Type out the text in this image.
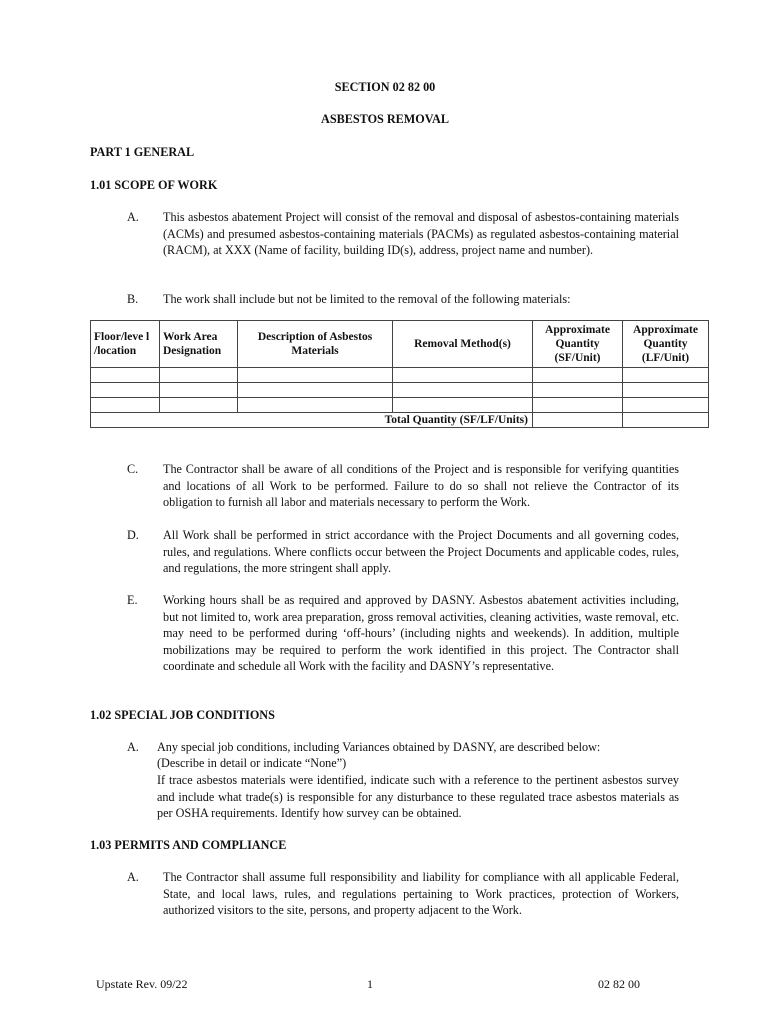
SECTION 02 82 00
ASBESTOS REMOVAL
PART 1 GENERAL
1.01 SCOPE OF WORK
A.	This asbestos abatement Project will consist of the removal and disposal of asbestos-containing materials (ACMs) and presumed asbestos-containing materials (PACMs) as regulated asbestos-containing material (RACM), at XXX (Name of facility, building ID(s), address, project name and number).
B.	The work shall include but not be limited to the removal of the following materials:
Floor/leve l /location	Work Area Designation	Description of Asbestos Materials	Removal Method(s)	Approximate Quantity (SF/Unit)	Approximate Quantity (LF/Unit)

Total Quantity (SF/LF/Units)					
C.	The Contractor shall be aware of all conditions of the Project and is responsible for verifying quantities and locations of all Work to be performed. Failure to do so shall not relieve the Contractor of its obligation to furnish all labor and materials necessary to perform the Work.
D.	All Work shall be performed in strict accordance with the Project Documents and all governing codes, rules, and regulations. Where conflicts occur between the Project Documents and applicable codes, rules, and regulations, the more stringent shall apply.
E.	Working hours shall be as required and approved by DASNY. Asbestos abatement activities including, but not limited to, work area preparation, gross removal activities, cleaning activities, waste removal, etc. may need to be performed during ‘off-hours’ (including nights and weekends). In addition, multiple mobilizations may be required to perform the work identified in this project. The Contractor shall coordinate and schedule all Work with the facility and DASNY’s representative.
1.02 SPECIAL JOB CONDITIONS
A.	Any special job conditions, including Variances obtained by DASNY, are described below:
(Describe in detail or indicate “None”)
If trace asbestos materials were identified, indicate such with a reference to the pertinent asbestos survey and include what trade(s) is responsible for any disturbance to these regulated trace asbestos materials as per OSHA requirements. Identify how survey can be obtained.
1.03 PERMITS AND COMPLIANCE
A.	The Contractor shall assume full responsibility and liability for compliance with all applicable Federal, State, and local laws, rules, and regulations pertaining to Work practices, protection of Workers, authorized visitors to the site, persons, and property adjacent to the Work.
Upstate Rev. 09/22	1	02 82 00
